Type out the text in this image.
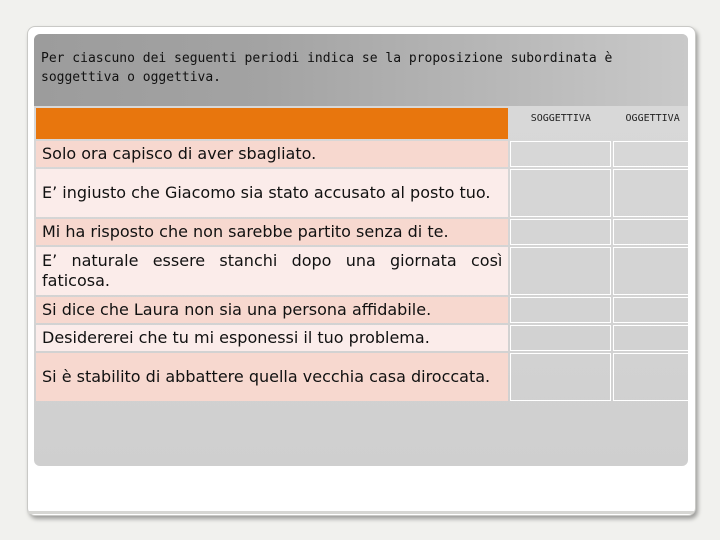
Per ciascuno dei seguenti periodi indica se la proposizione subordinata è soggettiva o oggettiva.

	SOGGETTIVA	OGGETTIVA
Solo ora capisco di aver sbagliato.		
E’ ingiusto che Giacomo sia stato accusato al posto tuo.		
Mi ha risposto che non sarebbe partito senza di te.		
E’ naturale essere stanchi dopo una giornata così faticosa.		
Si dice che Laura non sia una persona affidabile.		
Desidererei che tu mi esponessi il tuo problema.		
Si è stabilito di abbattere quella vecchia casa diroccata.		
